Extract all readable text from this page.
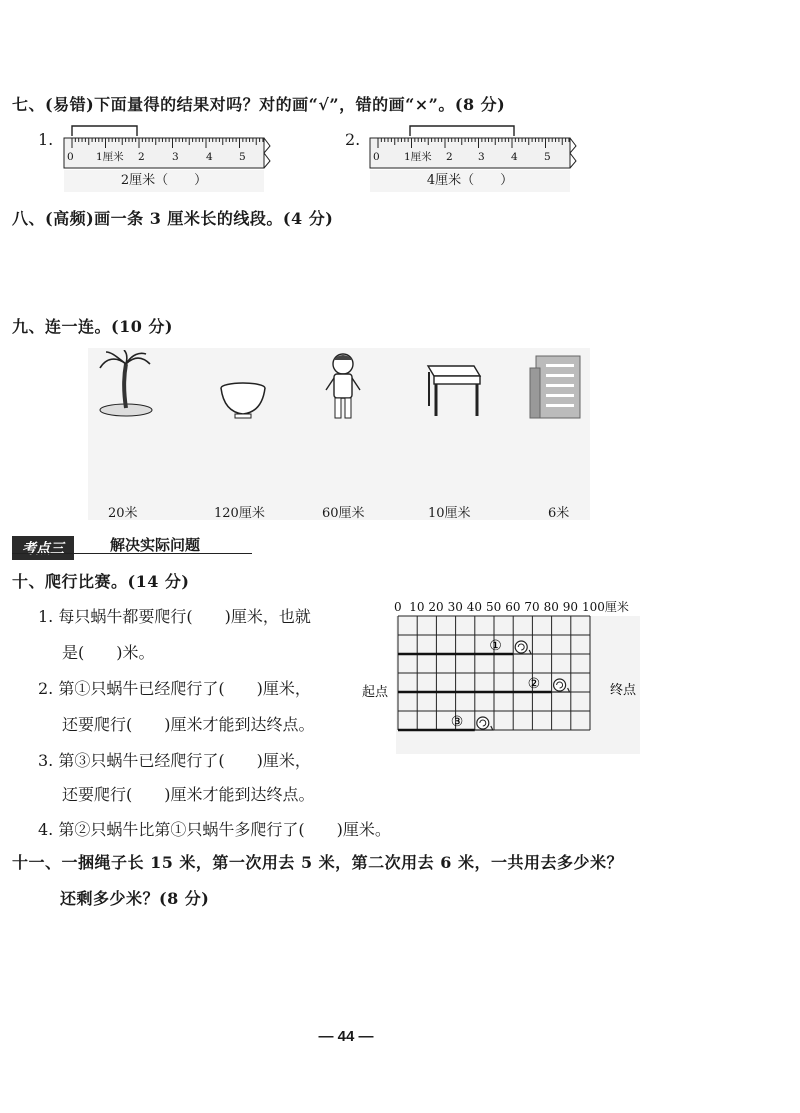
七、(易错)下面量得的结果对吗？对的画“√”，错的画“×”。(8 分)
1.
0 1厘米 2	3	4	5
2厘米（　　）
2.
0 1厘米 2 3	4	5
4厘米（　　）
八、(高频)画一条 3 厘米长的线段。(4 分)
九、连一连。(10 分)
20米	120厘米	60厘米	10厘米	6米
考点三	解决实际问题
十、爬行比赛。(14 分)
1. 每只蜗牛都要爬行(　　)厘米，也就
是(　　)米。
2. 第①只蜗牛已经爬行了(　　)厘米，
还要爬行(　　)厘米才能到达终点。
3. 第③只蜗牛已经爬行了(　　)厘米，
还要爬行(　　)厘米才能到达终点。
4. 第②只蜗牛比第①只蜗牛多爬行了(　　)厘米。
0 10 20 30 40 50 60 70 80 90 100厘米
起点	终点
①
②
③
十一、一捆绳子长 15 米，第一次用去 5 米，第二次用去 6 米，一共用去多少米？
还剩多少米？(8 分)
— 44 —
